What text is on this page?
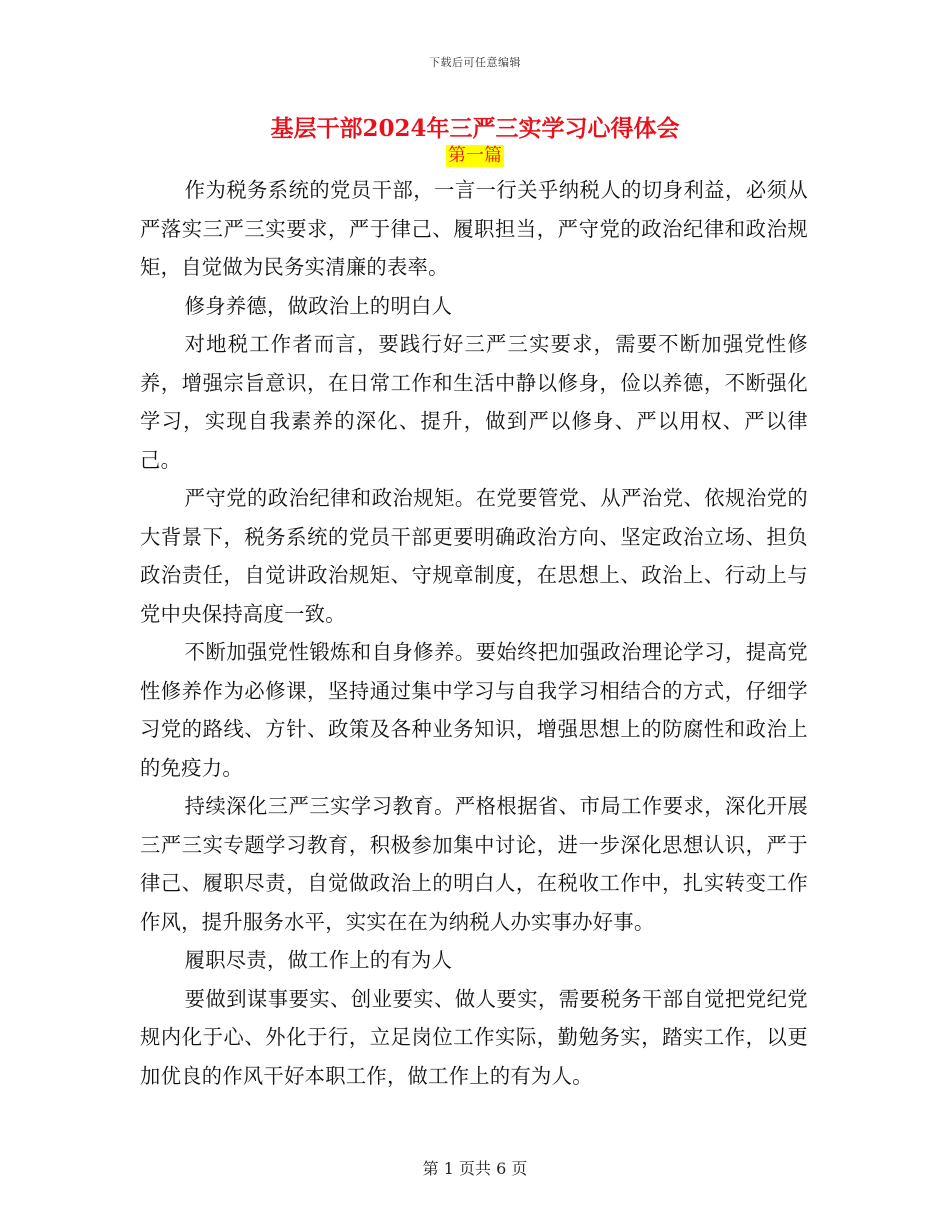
下载后可任意编辑
基层干部2024年三严三实学习心得体会
第一篇

作为税务系统的党员干部，一言一行关乎纳税人的切身利益，必须从严落实三严三实要求，严于律己、履职担当，严守党的政治纪律和政治规矩，自觉做为民务实清廉的表率。

修身养德，做政治上的明白人

对地税工作者而言，要践行好三严三实要求，需要不断加强党性修养，增强宗旨意识，在日常工作和生活中静以修身，俭以养德，不断强化学习，实现自我素养的深化、提升，做到严以修身、严以用权、严以律己。

严守党的政治纪律和政治规矩。在党要管党、从严治党、依规治党的大背景下，税务系统的党员干部更要明确政治方向、坚定政治立场、担负政治责任，自觉讲政治规矩、守规章制度，在思想上、政治上、行动上与党中央保持高度一致。

不断加强党性锻炼和自身修养。要始终把加强政治理论学习，提高党性修养作为必修课，坚持通过集中学习与自我学习相结合的方式，仔细学习党的路线、方针、政策及各种业务知识，增强思想上的防腐性和政治上的免疫力。

持续深化三严三实学习教育。严格根据省、市局工作要求，深化开展三严三实专题学习教育，积极参加集中讨论，进一步深化思想认识，严于律己、履职尽责，自觉做政治上的明白人，在税收工作中，扎实转变工作作风，提升服务水平，实实在在为纳税人办实事办好事。

履职尽责，做工作上的有为人

要做到谋事要实、创业要实、做人要实，需要税务干部自觉把党纪党规内化于心、外化于行，立足岗位工作实际，勤勉务实，踏实工作，以更加优良的作风干好本职工作，做工作上的有为人。

第 1 页共 6 页
